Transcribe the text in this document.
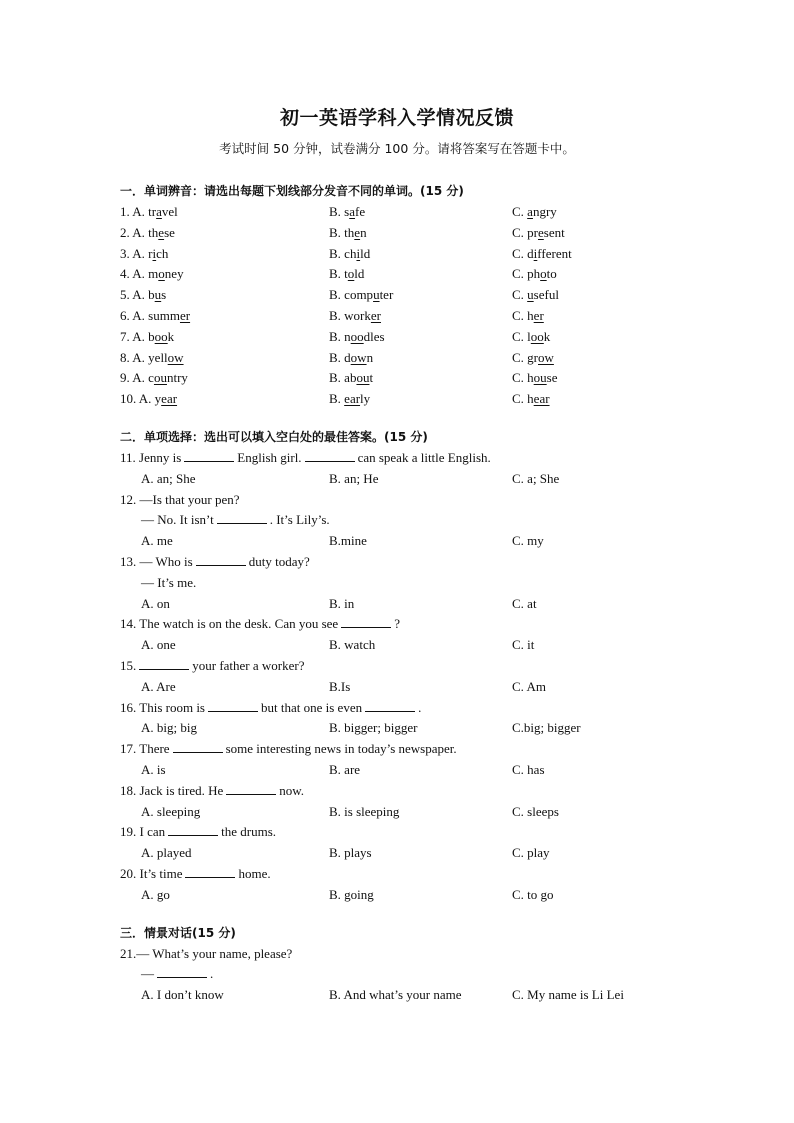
初一英语学科入学情况反馈
考试时间 50 分钟，试卷满分 100 分。请将答案写在答题卡中。
一．单词辨音：请选出每题下划线部分发音不同的单词。(15 分)
1. A. travel	B. safe	C. angry
2. A. these	B. then	C. present
3. A. rich	B. child	C. different
4. A. money	B. told	C. photo
5. A. bus	B. computer	C. useful
6. A. summer	B. worker	C. her
7. A. book	B. noodles	C. look
8. A. yellow	B. down	C. grow
9. A. country	B. about	C. house
10. A. year	B. early	C. hear
二．单项选择：选出可以填入空白处的最佳答案。(15 分)
11. Jenny is	English girl.	can speak a little English.
A. an; She	B. an; He	C. a; She
12. —Is that your pen?
— No. It isn’t	. It’s Lily’s.
A. me	B.mine	C. my
13. — Who is	duty today?
— It’s me.
A. on	B. in	C. at
14. The watch is on the desk. Can you see	?
A. one	B. watch	C. it
15.	your father a worker?
A. Are	B.Is	C. Am
16. This room is	but that one is even	.
A. big; big	B. bigger; bigger	C.big; bigger
17. There	some interesting news in today’s newspaper.
A. is	B. are	C. has
18. Jack is tired. He	now.
A. sleeping	B. is sleeping	C. sleeps
19. I can	the drums.
A. played	B. plays	C. play
20. It’s time	home.
A. go	B. going	C. to go
三．情景对话(15 分)
21.— What’s your name, please?
—	.
A. I don’t know	B. And what’s your name	C. My name is Li Lei
